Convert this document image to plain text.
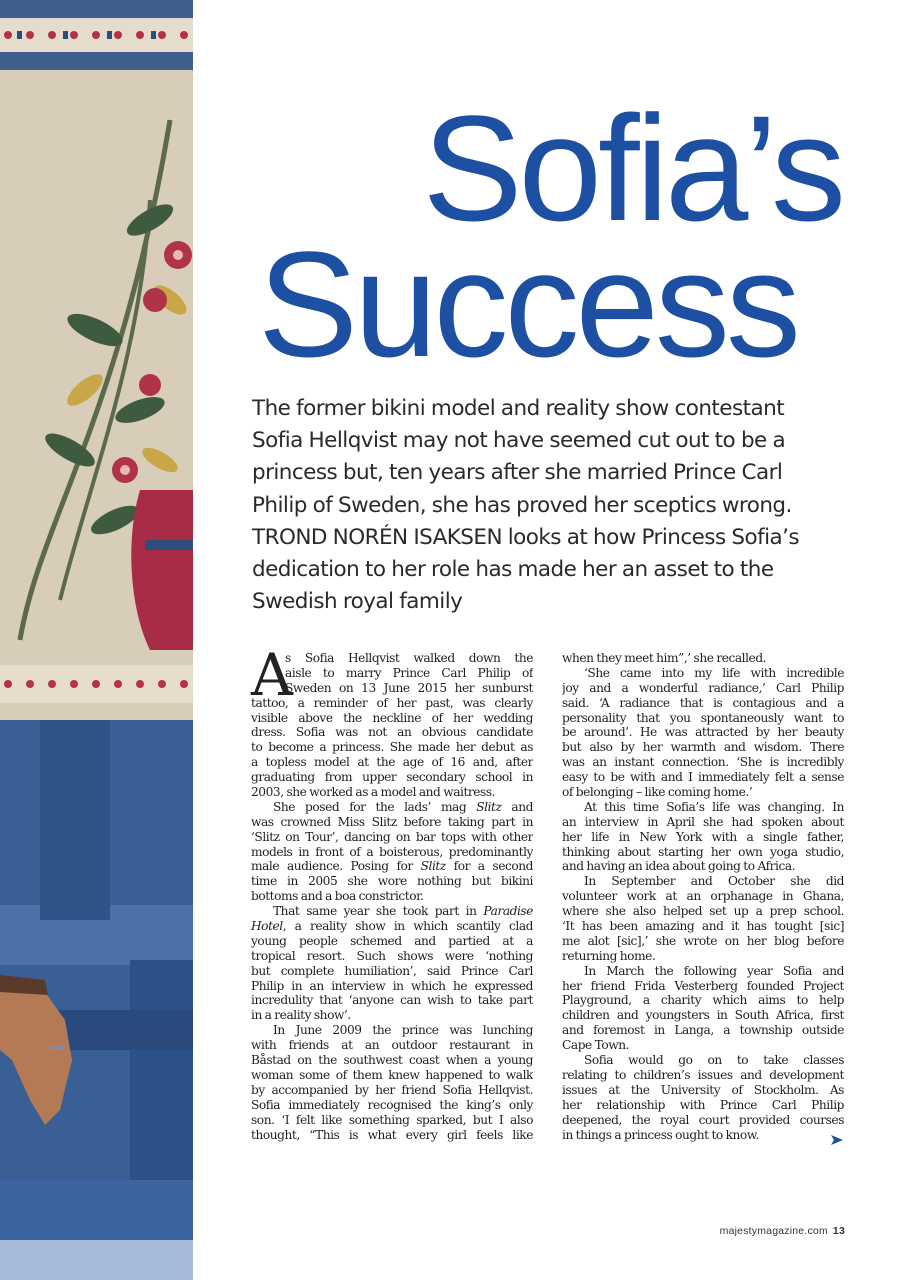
Sofia’s
Success

The former bikini model and reality show contestant
Sofia Hellqvist may not have seemed cut out to be a
princess but, ten years after she married Prince Carl
Philip of Sweden, she has proved her sceptics wrong.
TROND NORÉN ISAKSEN looks at how Princess Sofia’s
dedication to her role has made her an asset to the
Swedish royal family

A
s Sofia Hellqvist walked down the
aisle to marry Prince Carl Philip of
Sweden on 13 June 2015 her sunburst
tattoo, a reminder of her past, was clearly
visible above the neckline of her wedding
dress. Sofia was not an obvious candidate
to become a princess. She made her debut as
a topless model at the age of 16 and, after
graduating from upper secondary school in
2003, she worked as a model and waitress.
She posed for the lads’ mag Slitz and
was crowned Miss Slitz before taking part in
‘Slitz on Tour’, dancing on bar tops with other
models in front of a boisterous, predominantly
male audience. Posing for Slitz for a second
time in 2005 she wore nothing but bikini
bottoms and a boa constrictor.
That same year she took part in Paradise
Hotel, a reality show in which scantily clad
young people schemed and partied at a
tropical resort. Such shows were ‘nothing
but complete humiliation’, said Prince Carl
Philip in an interview in which he expressed
incredulity that ‘anyone can wish to take part
in a reality show’.
In June 2009 the prince was lunching
with friends at an outdoor restaurant in
Båstad on the southwest coast when a young
woman some of them knew happened to walk
by accompanied by her friend Sofia Hellqvist.
Sofia immediately recognised the king’s only
son. ‘I felt like something sparked, but I also
thought, “This is what every girl feels like
when they meet him”,’ she recalled.
‘She came into my life with incredible
joy and a wonderful radiance,’ Carl Philip
said. ‘A radiance that is contagious and a
personality that you spontaneously want to
be around’. He was attracted by her beauty
but also by her warmth and wisdom. There
was an instant connection. ‘She is incredibly
easy to be with and I immediately felt a sense
of belonging – like coming home.’
At this time Sofia’s life was changing. In
an interview in April she had spoken about
her life in New York with a single father,
thinking about starting her own yoga studio,
and having an idea about going to Africa.
In September and October she did
volunteer work at an orphanage in Ghana,
where she also helped set up a prep school.
‘It has been amazing and it has tought [sic]
me alot [sic],’ she wrote on her blog before
returning home.
In March the following year Sofia and
her friend Frida Vesterberg founded Project
Playground, a charity which aims to help
children and youngsters in South Africa, first
and foremost in Langa, a township outside
Cape Town.
Sofia would go on to take classes
relating to children’s issues and development
issues at the University of Stockholm. As
her relationship with Prince Carl Philip
deepened, the royal court provided courses
in things a princess ought to know.
majestymagazine.com 13
